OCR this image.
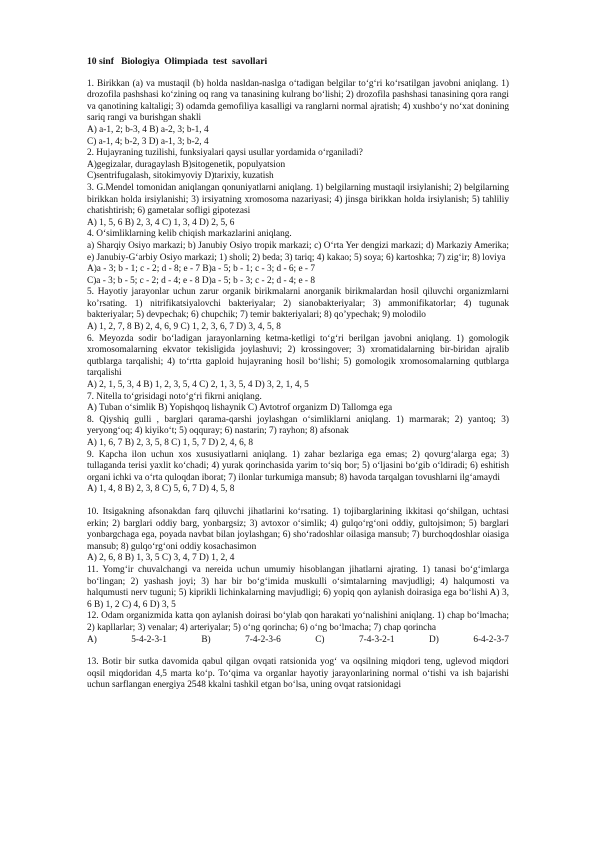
10 sinf   Biologiya  Olimpiada  test  savollari

1. Birikkan (a) va mustaqil (b) holda nasldan-naslga o‘tadigan belgilar to‘g‘ri ko‘rsatilgan javobni aniqlang. 1) drozofila pashshasi ko‘zining oq rang va tanasining kulrang bo‘lishi; 2) drozofila pashshasi tanasining qora rangi va qanotining kaltaligi; 3) odamda gemofiliya kasalligi va ranglarni normal ajratish; 4) xushbo‘y no‘xat donining sariq rangi va burishgan shakli

A) a-1, 2; b-3, 4 B) a-2, 3; b-1, 4

C) a-1, 4; b-2, 3 D) a-1, 3; b-2, 4

2. Hujayraning tuzilishi, funksiyalari qaysi usullar yordamida o‘rganiladi?

A)gegizalar, duragaylash B)sitogenetik, populyatsion

C)sentrifugalash, sitokimyoviy D)tarixiy, kuzatish

3. G.Mendel tomonidan aniqlangan qonuniyatlarni aniqlang. 1) belgilarning mustaqil irsiylanishi; 2) belgilarning birikkan holda irsiylanishi; 3) irsiyatning xromosoma nazariyasi; 4) jinsga birikkan holda irsiylanish; 5) tahliliy chatishtirish; 6) gametalar sofligi gipotezasi

A) 1, 5, 6 B) 2, 3, 4 C) 1, 3, 4 D) 2, 5, 6

4. O‘simliklarning kelib chiqish markazlarini aniqlang.

a) Sharqiy Osiyo markazi; b) Janubiy Osiyo tropik markazi; c) O‘rta Yer dengizi markazi; d) Markaziy Amerika; e) Janubiy-G‘arbiy Osiyo markazi; 1) sholi; 2) beda; 3) tariq; 4) kakao; 5) soya; 6) kartoshka; 7) zig‘ir; 8) loviya

A)a - 3; b - 1; c - 2; d - 8; e - 7 B)a - 5; b - 1; c - 3; d - 6; e - 7

C)a - 3; b - 5; c - 2; d - 4; e - 8 D)a - 5; b - 3; c - 2; d - 4; e - 8

5. Hayotiy jarayonlar uchun zarur organik birikmalarni anorganik birikmalardan hosil qiluvchi organizmlarni ko’rsating. 1) nitrifikatsiyalovchi bakteriyalar; 2) sianobakteriyalar; 3) ammonifikatorlar; 4) tugunak bakteriyalar; 5) devpechak; 6) chupchik; 7) temir bakteriyalari; 8) qo’ypechak; 9) molodilo

A) 1, 2, 7, 8 B) 2, 4, 6, 9 C) 1, 2, 3, 6, 7 D) 3, 4, 5, 8

6. Meyozda sodir bo‘ladigan jarayonlarning ketma-ketligi to‘g‘ri berilgan javobni aniqlang. 1) gomologik xromosomalarning ekvator tekisligida joylashuvi; 2) krossingover; 3) xromatidalarning bir-biridan ajralib qutblarga tarqalishi; 4) to‘rtta gaploid hujayraning hosil bo‘lishi; 5) gomologik xromosomalarning qutblarga tarqalishi

A) 2, 1, 5, 3, 4 B) 1, 2, 3, 5, 4 C) 2, 1, 3, 5, 4 D) 3, 2, 1, 4, 5

7. Nitella to‘grisidagi noto‘g‘ri fikrni aniqlang.

A) Tuban o‘simlik B) Yopishqoq lishaynik C) Avtotrof organizm D) Tallomga ega

8. Qiyshiq gulli , barglari qarama-qarshi joylashgan o‘simliklarni aniqlang. 1) marmarak; 2) yantoq; 3) yeryong‘oq; 4) kiyiko‘t; 5) oqquray; 6) nastarin; 7) rayhon; 8) afsonak

A) 1, 6, 7 B) 2, 3, 5, 8 C) 1, 5, 7 D) 2, 4, 6, 8

9. Kapcha ilon uchun xos xususiyatlarni aniqlang. 1) zahar bezlariga ega emas; 2) qovurg‘alarga ega; 3) tullaganda terisi yaxlit ko‘chadi; 4) yurak qorinchasida yarim to‘siq bor; 5) o‘ljasini bo‘gib o‘ldiradi; 6) eshitish organi ichki va o‘rta quloqdan iborat; 7) ilonlar turkumiga mansub; 8) havoda tarqalgan tovushlarni ilg‘amaydi

A) 1, 4, 8 B) 2, 3, 8 C) 5, 6, 7 D) 4, 5, 8

10. Itsigakning afsonakdan farq qiluvchi jihatlarini ko‘rsating. 1) tojibarglarining ikkitasi qo‘shilgan, uchtasi erkin; 2) barglari oddiy barg, yonbargsiz; 3) avtoxor o‘simlik; 4) gulqo‘rg‘oni oddiy, gultojsimon; 5) barglari yonbargchaga ega, poyada navbat bilan joylashgan; 6) sho‘radoshlar oilasiga mansub; 7) burchoqdoshlar oiasiga mansub; 8) gulqo‘rg‘oni oddiy kosachasimon

A) 2, 6, 8 B) 1, 3, 5 C) 3, 4, 7 D) 1, 2, 4

11. Yomg‘ir chuvalchangi va nereida uchun umumiy hisoblangan jihatlarni ajrating. 1) tanasi bo‘g‘imlarga bo‘lingan; 2) yashash joyi; 3) har bir bo‘g‘imida muskulli o‘simtalarning mavjudligi; 4) halqumosti va halqumusti nerv tuguni; 5) kiprikli lichinkalarning mavjudligi; 6) yopiq qon aylanish doirasiga ega bo‘lishi A) 3, 6 B) 1, 2 C) 4, 6 D) 3, 5

12. Odam organizmida katta qon aylanish doirasi bo‘ylab qon harakati yo‘nalishini aniqlang. 1) chap bo‘lmacha; 2) kapllarlar; 3) venalar; 4) arteriyalar; 5) o‘ng qorincha; 6) o‘ng bo‘lmacha; 7) chap qorincha

A)	5-4-2-3-1	B)	7-4-2-3-6	C)	7-4-3-2-1	D)	6-4-2-3-7

13. Botir bir sutka davomida qabul qilgan ovqati ratsionida yog‘ va oqsilning miqdori teng, uglevod miqdori oqsil miqdoridan 4,5 marta ko‘p. To‘qima va organlar hayotiy jarayonlarining normal o‘tishi va ish bajarishi uchun sarflangan energiya 2548 kkalni tashkil etgan bo‘lsa, uning ovqat ratsionidagi
